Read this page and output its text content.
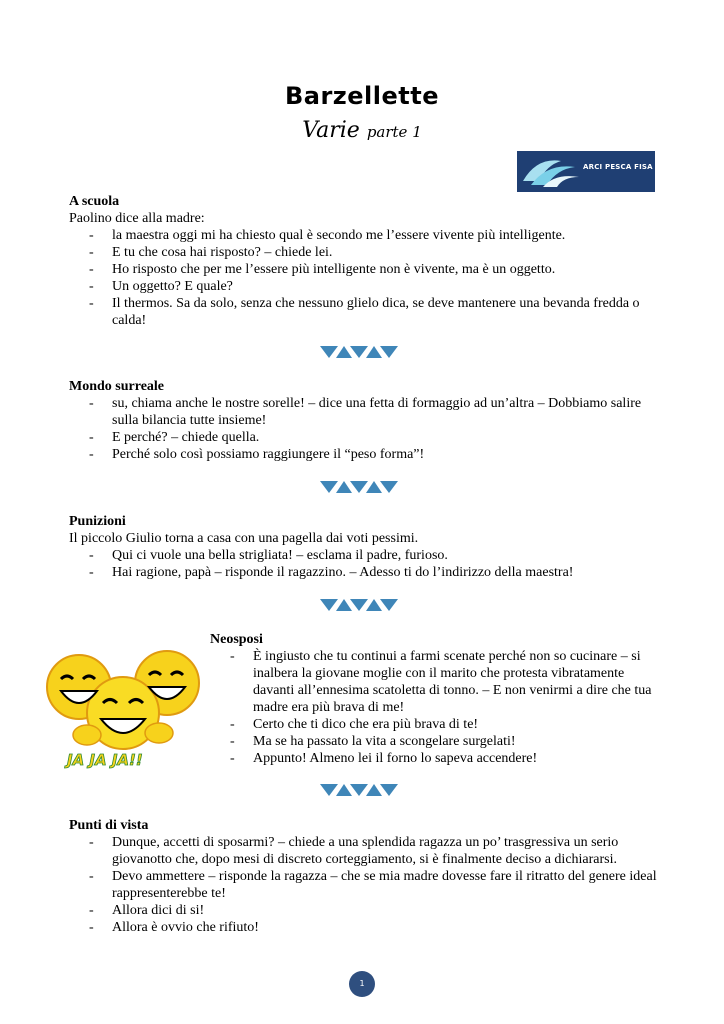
Barzellette
Varie parte 1
ARCI PESCA FISA
A scuola
Paolino dice alla madre:
- la maestra oggi mi ha chiesto qual è secondo me l’essere vivente più intelligente.
- E tu che cosa hai risposto? – chiede lei.
- Ho risposto che per me l’essere più intelligente non è vivente, ma è un oggetto.
- Un oggetto? E quale?
- Il thermos. Sa da solo, senza che nessuno glielo dica, se deve mantenere una bevanda fredda o calda!
Mondo surreale
- su, chiama anche le nostre sorelle! – dice una fetta di formaggio ad un’altra – Dobbiamo salire sulla bilancia tutte insieme!
- E perché? – chiede quella.
- Perché solo così possiamo raggiungere il “peso forma”!
Punizioni
Il piccolo Giulio torna a casa con una pagella dai voti pessimi.
- Qui ci vuole una bella strigliata! – esclama il padre, furioso.
- Hai ragione, papà – risponde il ragazzino. – Adesso ti do l’indirizzo della maestra!
JA JA JA!!
Neosposi
- È ingiusto che tu continui a farmi scenate perché non so cucinare – si inalbera la giovane moglie con il marito che protesta vibratamente davanti all’ennesima scatoletta di tonno. – E non venirmi a dire che tua madre era più brava di me!
- Certo che ti dico che era più brava di te!
- Ma se ha passato la vita a scongelare surgelati!
- Appunto! Almeno lei il forno lo sapeva accendere!
Punti di vista
- Dunque, accetti di sposarmi? – chiede a una splendida ragazza un po’ trasgressiva un serio giovanotto che, dopo mesi di discreto corteggiamento, si è finalmente deciso a dichiararsi.
- Devo ammettere – risponde la ragazza – che se mia madre dovesse fare il ritratto del genere ideal rappresenterebbe te!
- Allora dici di si!
- Allora è ovvio che rifiuto!
1
